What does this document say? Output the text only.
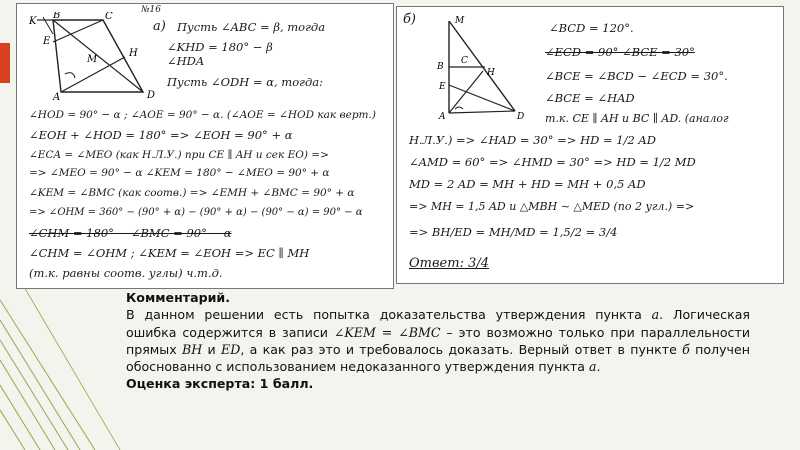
K
B	C
E
H
M
A	D
№16
а) Пусть ∠ABC = β, тогда
∠KHD = 180° − β
∠HDA
Пусть ∠ODH = α, тогда:
∠HOD = 90° − α ; ∠AOE = 90° − α. (∠AOE = ∠HOD как верт.)
∠EOH + ∠HOD = 180° => ∠EOH = 90° + α
∠ECA = ∠MEO (как Н.Л.У.) при CE ∥ AH и сек EO) =>
=> ∠MEO = 90° − α ∠KEM = 180° − ∠MEO = 90° + α
∠KEM = ∠BMC (как соотв.) => ∠EMH + ∠BMC = 90° + α
=> ∠OHM = 360° − (90° + α) − (90° + α) − (90° − α) = 90° − α
∠CHM = 180° − ∠BMC = 90° − α
∠CHM = ∠OHM ; ∠KEM = ∠EOH => EC ∥ MH
(т.к. равны соотв. углы) ч.т.д.
б)	M
B
C
H
E
A	D
∠BCD = 120°.
∠ECD = 90° ∠BCE = 30°
∠BCE = ∠BCD − ∠ECD = 30°.
∠BCE = ∠HAD
т.к. CE ∥ AH и BC ∥ AD. (аналог
Н.Л.У.) => ∠HAD = 30° => HD = 1/2 AD
∠AMD = 60° => ∠HMD = 30° => HD = 1/2 MD
MD = 2 AD = MH + HD = MH + 0,5 AD
=> MH = 1,5 AD и △MBH ∼ △MED (по 2 угл.) =>
=> BH/ED = MH/MD = 1,5/2 = 3/4
Ответ: 3/4

Комментарий.

В данном решении есть попытка доказательства утверждения пункта а. Логическая ошибка содержится в записи ∠KEM = ∠BMC – это возможно только при параллельности прямых BH и ED, а как раз это и требовалось доказать. Верный ответ в пункте б получен обоснованно с использованием недоказанного утверждения пункта а.

Оценка эксперта: 1 балл.
